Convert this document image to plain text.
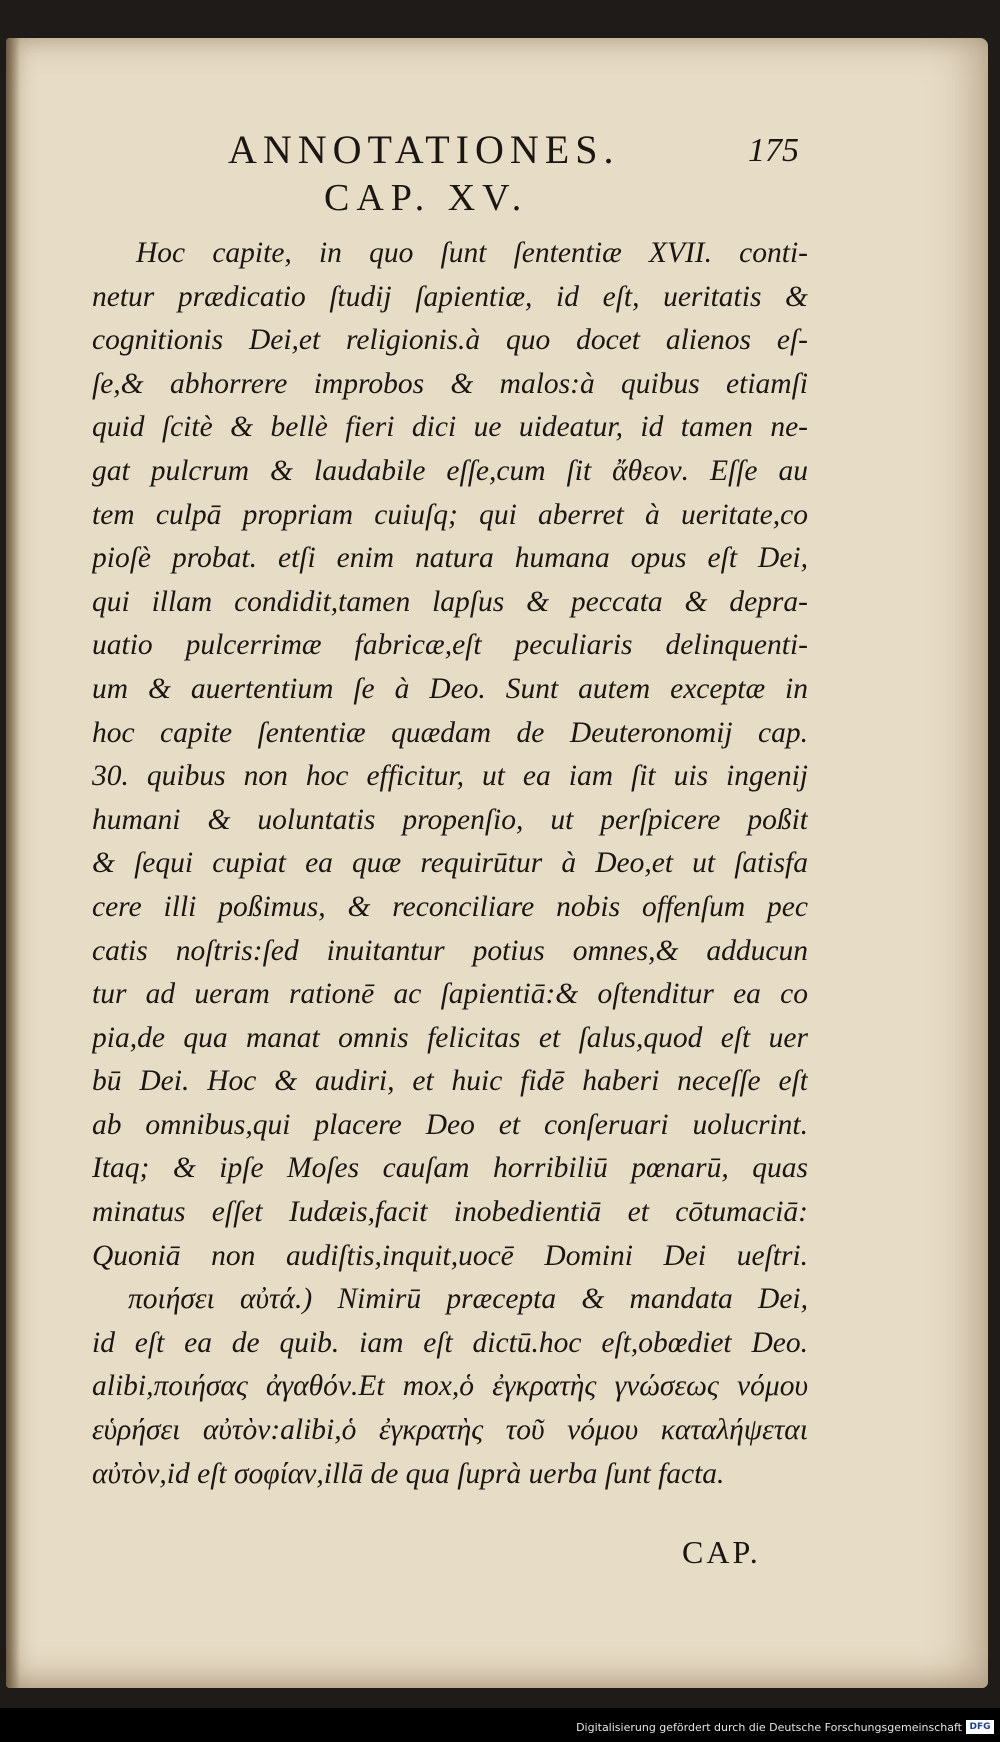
ANNOTATIONES.	175
CAP. XV.
Hoc capite, in quo ſunt ſententiæ XVII. conti-
netur prædicatio ſtudij ſapientiæ, id eſt, ueritatis &
cognitionis Dei,et religionis.à quo docet alienos eſ-
ſe,& abhorrere improbos & malos:à quibus etiamſi
quid ſcitè & bellè fieri dici ue uideatur, id tamen ne-
gat pulcrum & laudabile eſſe,cum ſit ἄθεον. Eſſe au
tem culpā propriam cuiuſq; qui aberret à ueritate,co
pioſè probat. etſi enim natura humana opus eſt Dei,
qui illam condidit,tamen lapſus & peccata & depra-
uatio pulcerrimæ fabricæ,eſt peculiaris delinquenti-
um & auertentium ſe à Deo. Sunt autem exceptæ in
hoc capite ſententiæ quædam de Deuteronomij cap.
30. quibus non hoc efficitur, ut ea iam ſit uis ingenij
humani & uoluntatis propenſio, ut perſpicere poßit
& ſequi cupiat ea quæ requirūtur à Deo,et ut ſatisfa
cere illi poßimus, & reconciliare nobis offenſum pec
catis noſtris:ſed inuitantur potius omnes,& adducun
tur ad ueram rationē ac ſapientiā:& oſtenditur ea co
pia,de qua manat omnis felicitas et ſalus,quod eſt uer
bū Dei. Hoc & audiri, et huic fidē haberi neceſſe eſt
ab omnibus,qui placere Deo et conſeruari uolucrint.
Itaq; & ipſe Moſes cauſam horribiliū pœnarū, quas
minatus eſſet Iudæis,facit inobedientiā et cōtumaciā:
Quoniā non audiſtis,inquit,uocē Domini Dei ueſtri.
ποιήσει αὐτά.) Nimirū præcepta & mandata Dei,
id eſt ea de quib. iam eſt dictū.hoc eſt,obœdiet Deo.
alibi,ποιήσας ἀγαθόν.Et mox,ὁ ἐγκρατὴς γνώσεως νόμου
εὑρήσει αὐτὸν:alibi,ὁ ἐγκρατὴς τοῦ νόμου καταλήψεται
αὐτὸν,id eſt σοφίαν,illā de qua ſuprà uerba ſunt facta.
CAP.
Digitalisierung gefördert durch die Deutsche Forschungsgemeinschaft DFG
